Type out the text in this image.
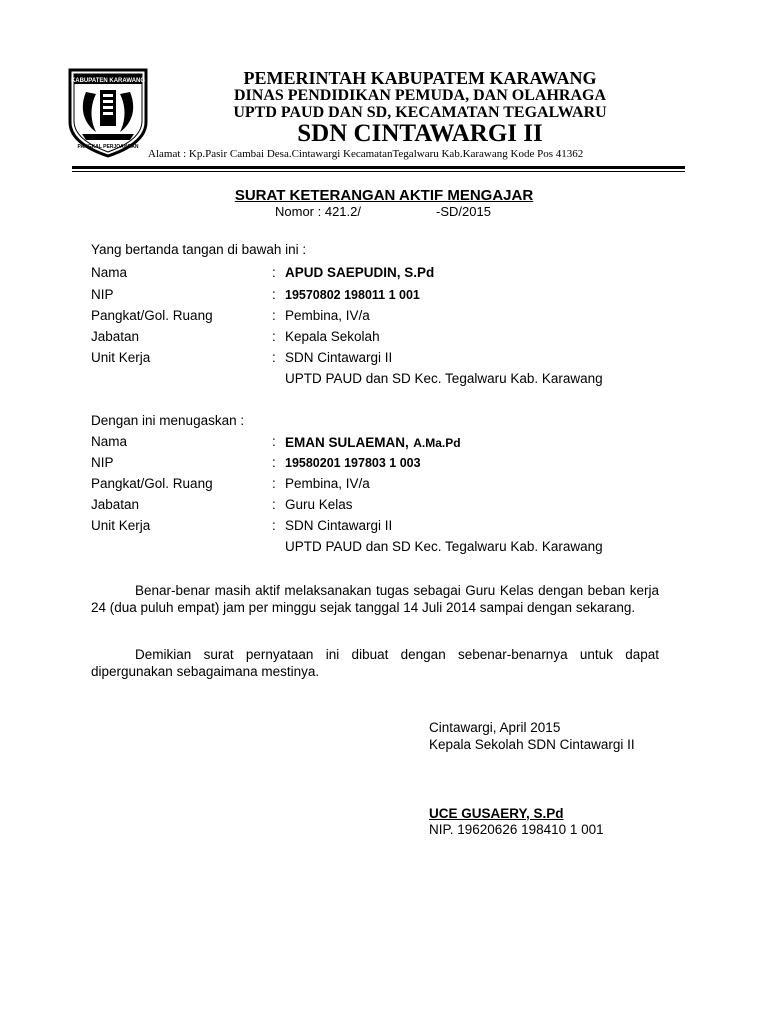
KABUPATEN KARAWANG
PANGKAL PERJOANGAN
PEMERINTAH KABUPATEM KARAWANG
DINAS PENDIDIKAN PEMUDA, DAN OLAHRAGA
UPTD PAUD DAN SD, KECAMATAN TEGALWARU
SDN CINTAWARGI II
Alamat : Kp.Pasir Cambai Desa.Cintawargi KecamatanTegalwaru Kab.Karawang Kode Pos 41362
SURAT KETERANGAN AKTIF MENGAJAR
Nomor : 421.2/	-SD/2015
Yang bertanda tangan di bawah ini :
Nama	: APUD SAEPUDIN, S.Pd
NIP	: 19570802 198011 1 001
Pangkat/Gol. Ruang	: Pembina, IV/a
Jabatan	: Kepala Sekolah
Unit Kerja	: SDN Cintawargi II
UPTD PAUD dan SD Kec. Tegalwaru Kab. Karawang
Dengan ini menugaskan :
Nama	: EMAN SULAEMAN, A.Ma.Pd
NIP	: 19580201 197803 1 003
Pangkat/Gol. Ruang	: Pembina, IV/a
Jabatan	: Guru Kelas
Unit Kerja	: SDN Cintawargi II
UPTD PAUD dan SD Kec. Tegalwaru Kab. Karawang
Benar-benar masih aktif melaksanakan tugas sebagai Guru Kelas dengan beban kerja 24 (dua puluh empat) jam per minggu sejak tanggal 14 Juli 2014 sampai dengan sekarang.
Demikian surat pernyataan ini dibuat dengan sebenar-benarnya untuk dapat dipergunakan sebagaimana mestinya.
Cintawargi, April 2015
Kepala Sekolah SDN Cintawargi II
UCE GUSAERY, S.Pd
NIP. 19620626 198410 1 001
